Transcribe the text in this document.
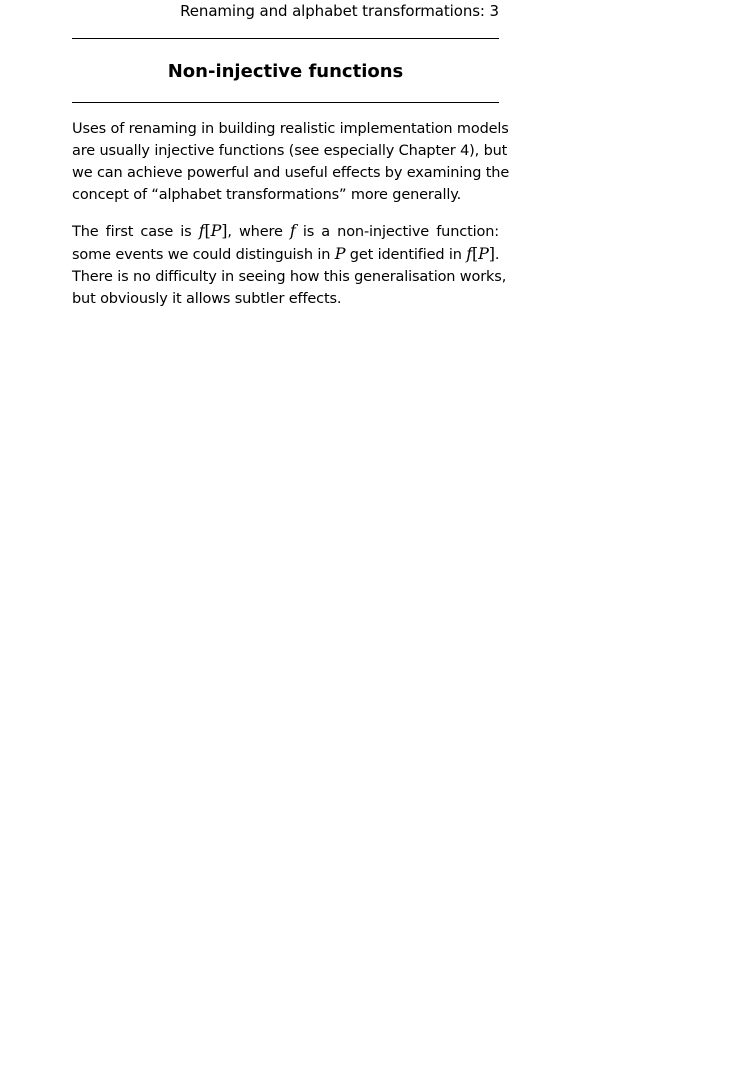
Renaming and alphabet transformations: 3
Non-injective functions

Uses of renaming in building realistic implementation models
are usually injective functions (see especially Chapter 4), but
we can achieve powerful and useful effects by examining the
concept of “alphabet transformations” more generally.

The first case is f[P], where f is a non-injective function:
some events we could distinguish in P get identified in f[P].
There is no difficulty in seeing how this generalisation works,
but obviously it allows subtler effects.
